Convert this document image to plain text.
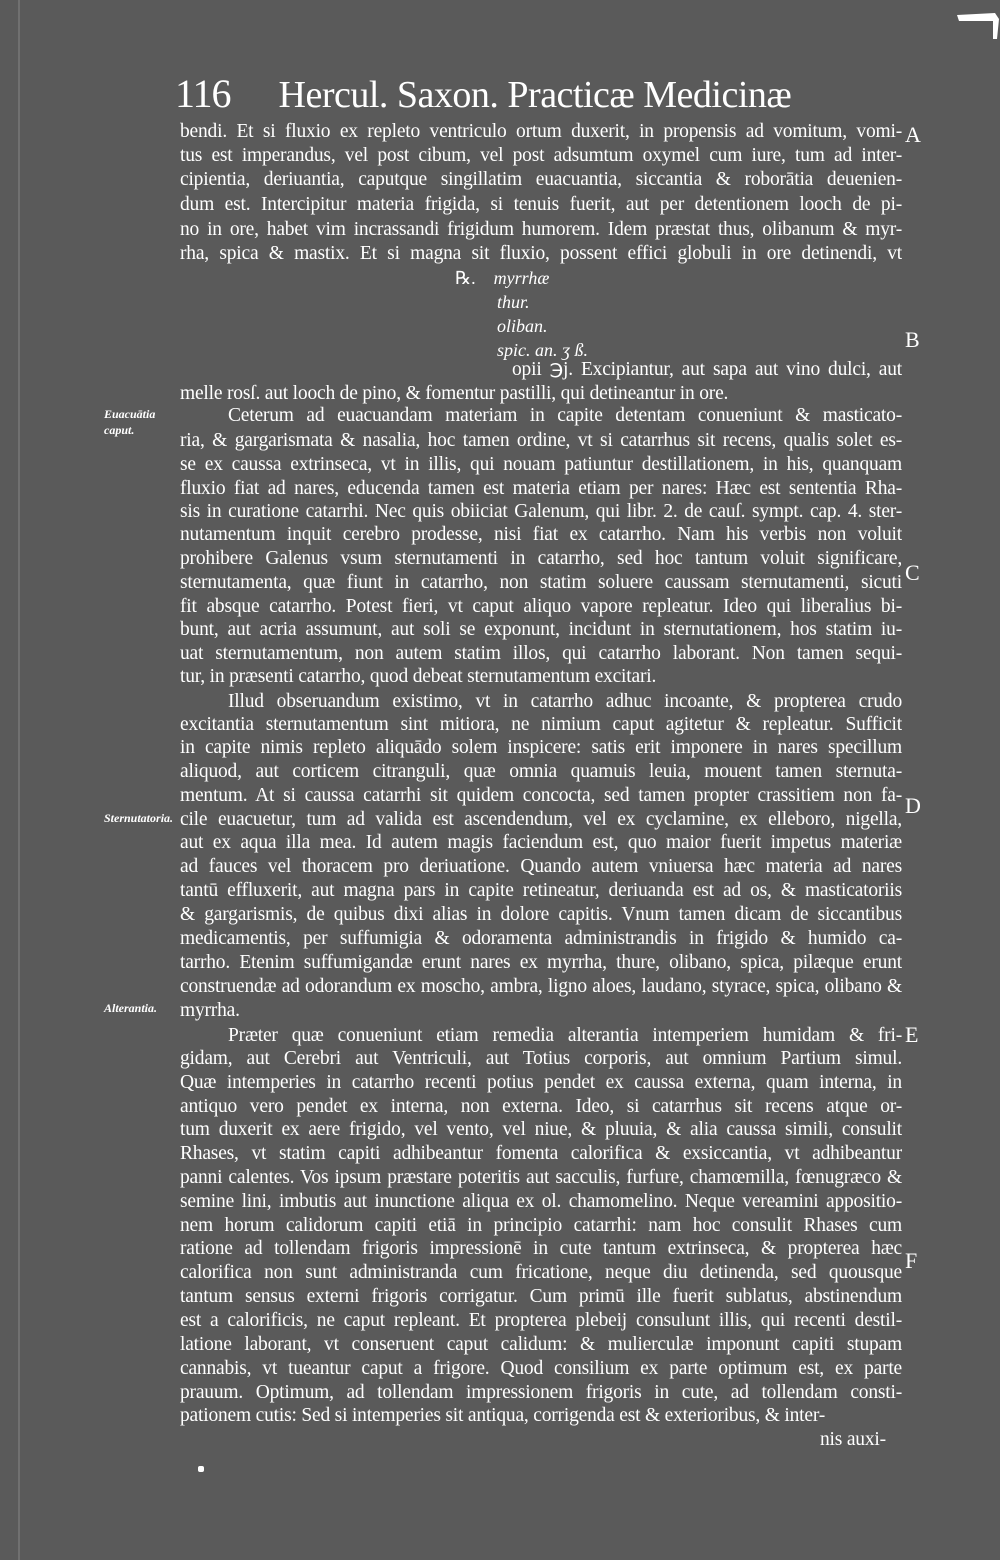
116 Hercul. Saxon. Practicæ Medicinæ
bendi. Et si fluxio ex repleto ventriculo ortum duxerit, in propensis ad vomitum, vomi-
tus est imperandus, vel post cibum, vel post adsumtum oxymel cum iure, tum ad inter-
cipientia, deriuantia, caputque singillatim euacuantia, siccantia & roborātia deuenien-
dum est. Intercipitur materia frigida, si tenuis fuerit, aut per detentionem looch de pi-
no in ore, habet vim incrassandi frigidum humorem. Idem præstat thus, olibanum & myr-
rha, spica & mastix. Et si magna sit fluxio, possent effici globuli in ore detinendi, vt
opii ℈j. Excipiantur, aut sapa aut vino dulci, aut
melle rosſ. aut looch de pino, & fomentur pastilli, qui detineantur in ore.
Ceterum ad euacuandam materiam in capite detentam conueniunt & masticato-
ria, & gargarismata & nasalia, hoc tamen ordine, vt si catarrhus sit recens, qualis solet es-
se ex caussa extrinseca, vt in illis, qui nouam patiuntur destillationem, in his, quanquam
fluxio fiat ad nares, educenda tamen est materia etiam per nares: Hæc est sententia Rha-
sis in curatione catarrhi. Nec quis obiiciat Galenum, qui libr. 2. de cauſ. sympt. cap. 4. ster-
nutamentum inquit cerebro prodesse, nisi fiat ex catarrho. Nam his verbis non voluit
prohibere Galenus vsum sternutamenti in catarrho, sed hoc tantum voluit significare,
sternutamenta, quæ fiunt in catarrho, non statim soluere caussam sternutamenti, sicuti
fit absque catarrho. Potest fieri, vt caput aliquo vapore repleatur. Ideo qui liberalius bi-
bunt, aut acria assumunt, aut soli se exponunt, incidunt in sternutationem, hos statim iu-
uat sternutamentum, non autem statim illos, qui catarrho laborant. Non tamen sequi-
tur, in præsenti catarrho, quod debeat sternutamentum excitari.
Illud obseruandum existimo, vt in catarrho adhuc incoante, & propterea crudo
excitantia sternutamentum sint mitiora, ne nimium caput agitetur & repleatur. Sufficit
in capite nimis repleto aliquādo solem inspicere: satis erit imponere in nares specillum
aliquod, aut corticem citranguli, quæ omnia quamuis leuia, mouent tamen sternuta-
mentum. At si caussa catarrhi sit quidem concocta, sed tamen propter crassitiem non fa-
cile euacuetur, tum ad valida est ascendendum, vel ex cyclamine, ex elleboro, nigella,
aut ex aqua illa mea. Id autem magis faciendum est, quo maior fuerit impetus materiæ
ad fauces vel thoracem pro deriuatione. Quando autem vniuersa hæc materia ad nares
tantū effluxerit, aut magna pars in capite retineatur, deriuanda est ad os, & masticatoriis
& gargarismis, de quibus dixi alias in dolore capitis. Vnum tamen dicam de siccantibus
medicamentis, per suffumigia & odoramenta administrandis in frigido & humido ca-
tarrho. Etenim suffumigandæ erunt nares ex myrrha, thure, olibano, spica, pilæque erunt
construendæ ad odorandum ex moscho, ambra, ligno aloes, laudano, styrace, spica, olibano &
myrrha.
Præter quæ conueniunt etiam remedia alterantia intemperiem humidam & fri-
gidam, aut Cerebri aut Ventriculi, aut Totius corporis, aut omnium Partium simul.
Quæ intemperies in catarrho recenti potius pendet ex caussa externa, quam interna, in
antiquo vero pendet ex interna, non externa. Ideo, si catarrhus sit recens atque or-
tum duxerit ex aere frigido, vel vento, vel niue, & pluuia, & alia caussa simili, consulit
Rhases, vt statim capiti adhibeantur fomenta calorifica & exsiccantia, vt adhibeantur
panni calentes. Vos ipsum præstare poteritis aut sacculis, furfure, chamœmilla, fœnugræco &
semine lini, imbutis aut inunctione aliqua ex ol. chamomelino. Neque vereamini appositio-
nem horum calidorum capiti etiā in principio catarrhi: nam hoc consulit Rhases cum
ratione ad tollendam frigoris impressionē in cute tantum extrinseca, & propterea hæc
calorifica non sunt administranda cum fricatione, neque diu detinenda, sed quousque
tantum sensus externi frigoris corrigatur. Cum primū ille fuerit sublatus, abstinendum
est a calorificis, ne caput repleant. Et propterea plebeij consulunt illis, qui recenti destil-
latione laborant, vt conseruent caput calidum: & mulierculæ imponunt capiti stupam
cannabis, vt tueantur caput a frigore. Quod consilium ex parte optimum est, ex parte
prauum. Optimum, ad tollendam impressionem frigoris in cute, ad tollendam consti-
pationem cutis: Sed si intemperies sit antiqua, corrigenda est & exterioribus, & inter-
nis auxi-
℞. myrrhæ
thur.
oliban.
spic. an. ʒ ß.
Euacuātia caput.
Sternutatoria.
Alterantia.
A
B
C
D
E
F
